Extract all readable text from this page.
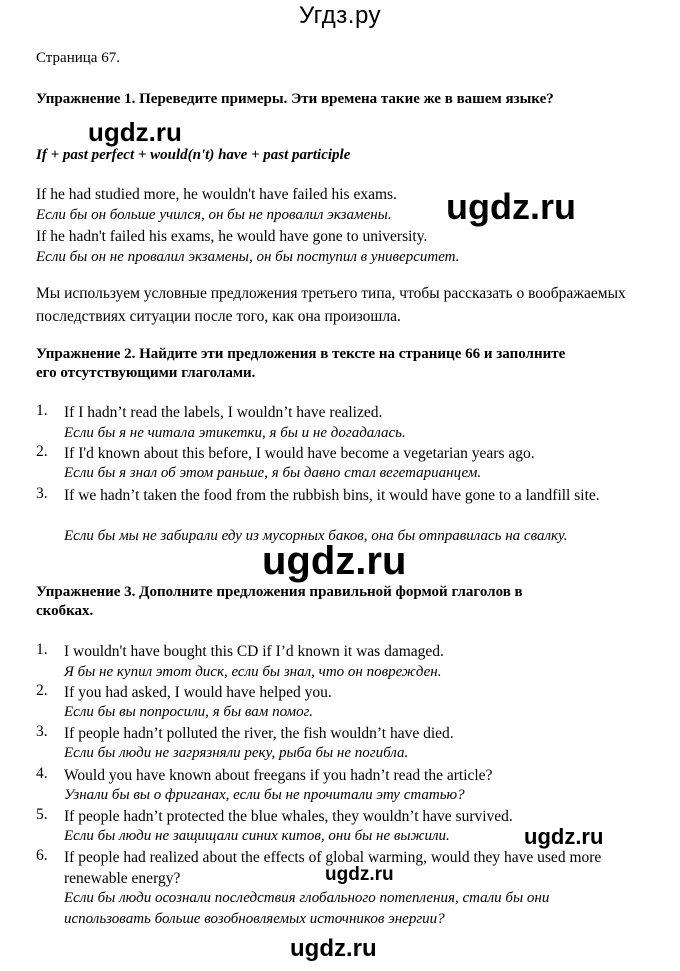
Угдз.ру
Страница 67.
Упражнение 1. Переведите примеры. Эти времена такие же в вашем языке?
If + past perfect + would(n't) have + past participle
If he had studied more, he wouldn't have failed his exams.
Если бы он больше учился, он бы не провалил экзамены.
If he hadn't failed his exams, he would have gone to university.
Если бы он не провалил экзамены, он бы поступил в университет.
Мы используем условные предложения третьего типа, чтобы рассказать о воображаемых последствиях ситуации после того, как она произошла.
Упражнение 2. Найдите эти предложения в тексте на странице 66 и заполните его отсутствующими глаголами.
1. If I hadn’t read the labels, I wouldn’t have realized.
Если бы я не читала этикетки, я бы и не догадалась.
2. If I'd known about this before, I would have become a vegetarian years ago.
Если бы я знал об этом раньше, я бы давно стал вегетарианцем.
3. If we hadn’t taken the food from the rubbish bins, it would have gone to a landfill site.
Если бы мы не забирали еду из мусорных баков, она бы отправилась на свалку.
Упражнение 3. Дополните предложения правильной формой глаголов в скобках.
1. I wouldn't have bought this CD if I’d known it was damaged.
Я бы не купил этот диск, если бы знал, что он поврежден.
2. If you had asked, I would have helped you.
Если бы вы попросили, я бы вам помог.
3. If people hadn’t polluted the river, the fish wouldn’t have died.
Если бы люди не загрязняли реку, рыба бы не погибла.
4. Would you have known about freegans if you hadn’t read the article?
Узнали бы вы о фриганах, если бы не прочитали эту статью?
5. If people hadn’t protected the blue whales, they wouldn’t have survived.
Если бы люди не защищали синих китов, они бы не выжили.
6. If people had realized about the effects of global warming, would they have used more renewable energy?
Если бы люди осознали последствия глобального потепления, стали бы они использовать больше возобновляемых источников энергии?
ugdz.ru
ugdz.ru
ugdz.ru
ugdz.ru
ugdz.ru
ugdz.ru
